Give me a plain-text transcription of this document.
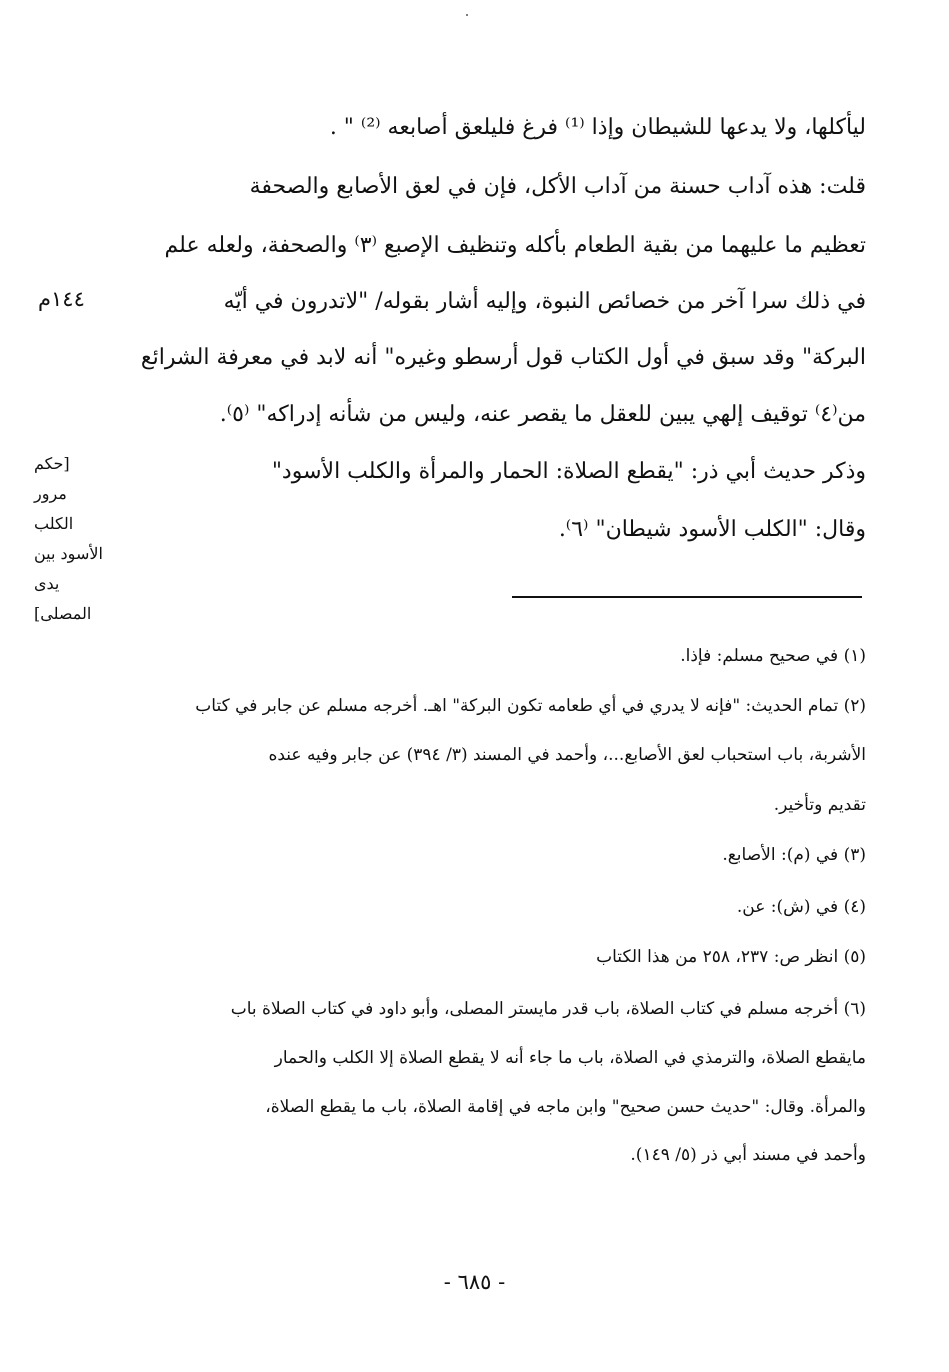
ليأكلها، ولا يدعها للشيطان وإذا ⁽¹⁾ فرغ فليلعق أصابعه ⁽²⁾ " .
قلت: هذه آداب حسنة من آداب الأكل، فإن في لعق الأصابع والصحفة
تعظيم ما عليهما من بقية الطعام بأكله وتنظيف الإصبع ⁽٣⁾ والصحفة، ولعله علم
في ذلك سرا آخر من خصائص النبوة، وإليه أشار بقوله/ "لاتدرون في أيّه
البركة" وقد سبق في أول الكتاب قول أرسطو وغيره" أنه لابد في معرفة الشرائع
من⁽٤⁾ توقيف إلهي يبين للعقل ما يقصر عنه، وليس من شأنه إدراكه" ⁽٥⁾.
وذكر حديث أبي ذر: "يقطع الصلاة: الحمار والمرأة والكلب الأسود"
وقال: "الكلب الأسود شيطان" ⁽٦⁾.
١٤٤م
[حكم
مرور
الكلب
الأسود بين
يدى
المصلى]
(١) في صحيح مسلم: فإذا.
(٢) تمام الحديث: "فإنه لا يدري في أي طعامه تكون البركة" اهـ. أخرجه مسلم عن جابر في كتاب
الأشربة، باب استحباب لعق الأصابع...، وأحمد في المسند (٣/ ٣٩٤) عن جابر وفيه عنده
تقديم وتأخير.
(٣) في (م): الأصابع.
(٤) في (ش): عن.
(٥) انظر ص: ٢٣٧، ٢٥٨ من هذا الكتاب
(٦) أخرجه مسلم في كتاب الصلاة، باب قدر مايستر المصلى، وأبو داود في كتاب الصلاة باب
مايقطع الصلاة، والترمذي في الصلاة، باب ما جاء أنه لا يقطع الصلاة إلا الكلب والحمار
والمرأة. وقال: "حديث حسن صحيح" وابن ماجه في إقامة الصلاة، باب ما يقطع الصلاة،
وأحمد في مسند أبي ذر (٥/ ١٤٩).
- ٦٨٥ -
